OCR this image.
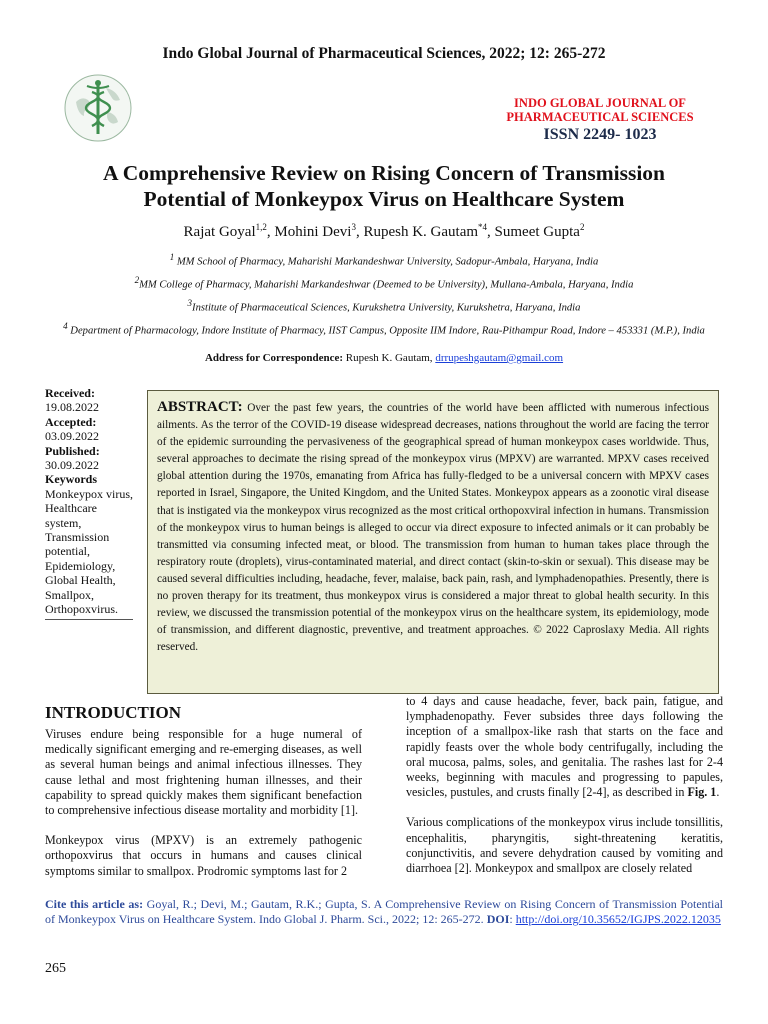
Indo Global Journal of Pharmaceutical Sciences, 2022; 12: 265-272
INDO GLOBAL JOURNAL OF
PHARMACEUTICAL SCIENCES
ISSN 2249- 1023
A Comprehensive Review on Rising Concern of Transmission
Potential of Monkeypox Virus on Healthcare System
Rajat Goyal$^{1,2}$, Mohini Devi$^3$, Rupesh K. Gautam$^{*4}$, Sumeet Gupta$^2$
$^1$ MM School of Pharmacy, Maharishi Markandeshwar University, Sadopur-Ambala, Haryana, India
$^2$MM College of Pharmacy, Maharishi Markandeshwar (Deemed to be University), Mullana-Ambala, Haryana, India
$^3$Institute of Pharmaceutical Sciences, Kurukshetra University, Kurukshetra, Haryana, India
$^4$ Department of Pharmacology, Indore Institute of Pharmacy, IIST Campus, Opposite IIM Indore, Rau-Pithampur Road, Indore – 453331 (M.P.), India
Address for Correspondence: Rupesh K. Gautam, drrupeshgautam@gmail.com
Received:
19.08.2022
Accepted:
03.09.2022
Published:
30.09.2022
Keywords
Monkeypox virus, Healthcare system, Transmission potential, Epidemiology, Global Health, Smallpox, Orthopoxvirus.
ABSTRACT: Over the past few years, the countries of the world have been afflicted with numerous infectious ailments. As the terror of the COVID-19 disease widespread decreases, nations throughout the world are facing the terror of the epidemic surrounding the pervasiveness of the geographical spread of human monkeypox cases worldwide. Thus, several approaches to decimate the rising spread of the monkeypox virus (MPXV) are warranted. MPXV cases received global attention during the 1970s, emanating from Africa has fully-fledged to be a universal concern with MPXV cases reported in Israel, Singapore, the United Kingdom, and the United States. Monkeypox appears as a zoonotic viral disease that is instigated via the monkeypox virus recognized as the most critical orthopoxviral infection in humans. Transmission of the monkeypox virus to human beings is alleged to occur via direct exposure to infected animals or it can probably be transmitted via consuming infected meat, or blood. The transmission from human to human takes place through the respiratory route (droplets), virus-contaminated material, and direct contact (skin-to-skin or sexual). This disease may be caused several difficulties including, headache, fever, malaise, back pain, rash, and lymphadenopathies. Presently, there is no proven therapy for its treatment, thus monkeypox virus is considered a major threat to global health security. In this review, we discussed the transmission potential of the monkeypox virus on the healthcare system, its epidemiology, mode of transmission, and different diagnostic, preventive, and treatment approaches. © 2022 Caproslaxy Media. All rights reserved.
INTRODUCTION

Viruses endure being responsible for a huge numeral of medically significant emerging and re-emerging diseases, as well as several human beings and animal infectious illnesses. They cause lethal and most frightening human illnesses, and their capability to spread quickly makes them significant benefaction to comprehensive infectious disease mortality and morbidity [1].

Monkeypox virus (MPXV) is an extremely pathogenic orthopoxvirus that occurs in humans and causes clinical symptoms similar to smallpox. Prodromic symptoms last for 2

to 4 days and cause headache, fever, back pain, fatigue, and lymphadenopathy. Fever subsides three days following the inception of a smallpox-like rash that starts on the face and rapidly feasts over the whole body centrifugally, including the oral mucosa, palms, soles, and genitalia. The rashes last for 2-4 weeks, beginning with macules and progressing to papules, vesicles, pustules, and crusts finally [2-4], as described in Fig. 1.

Various complications of the monkeypox virus include tonsillitis, encephalitis, pharyngitis, sight-threatening keratitis, conjunctivitis, and severe dehydration caused by vomiting and diarrhoea [2]. Monkeypox and smallpox are closely related

Cite this article as: Goyal, R.; Devi, M.; Gautam, R.K.; Gupta, S. A Comprehensive Review on Rising Concern of Transmission Potential of Monkeypox Virus on Healthcare System. Indo Global J. Pharm. Sci., 2022; 12: 265-272. DOI: http://doi.org/10.35652/IGJPS.2022.12035
265
